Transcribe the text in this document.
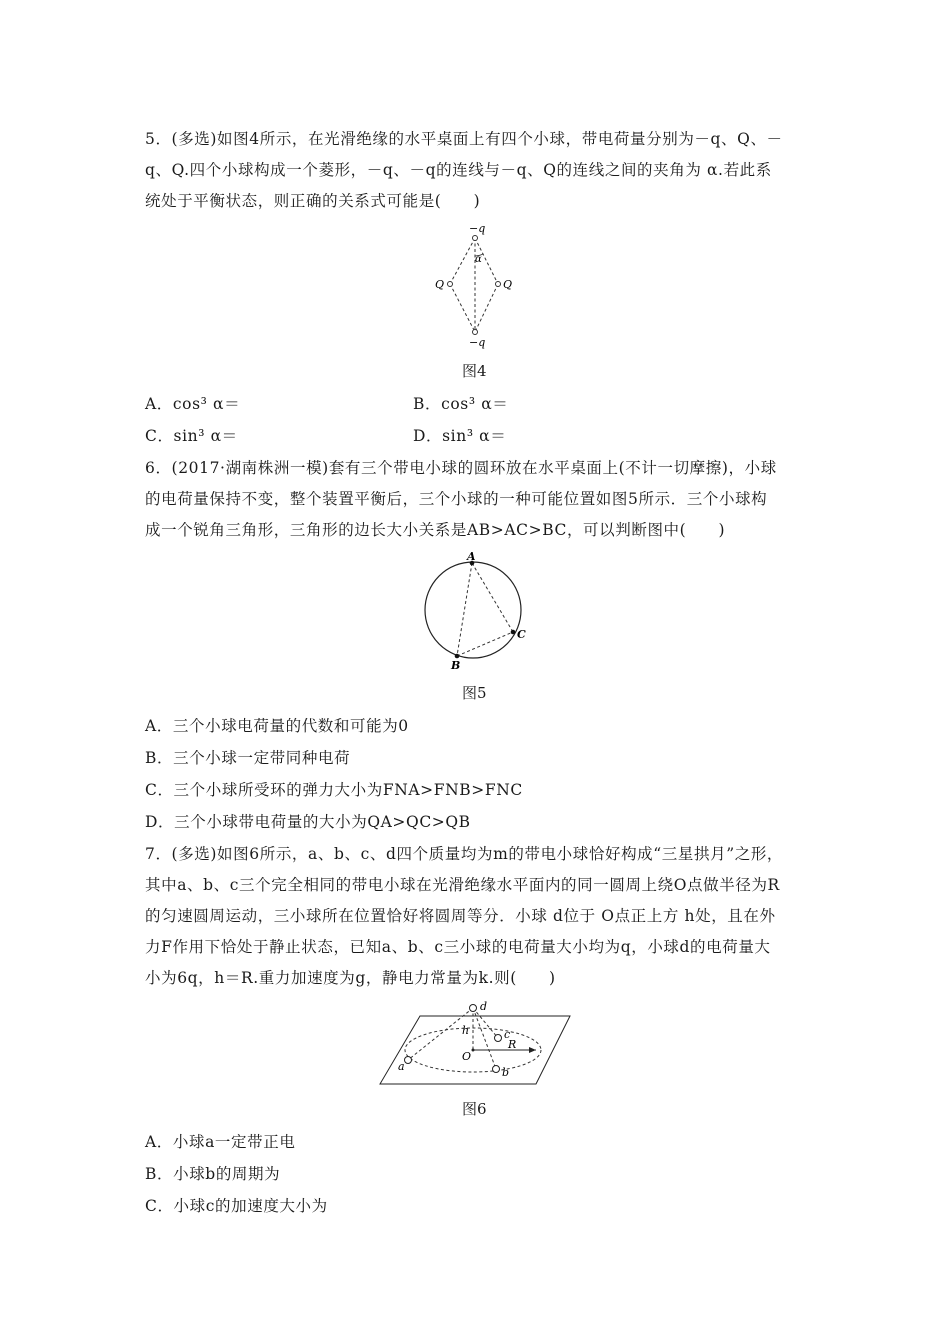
5．(多选)如图4所示，在光滑绝缘的水平桌面上有四个小球，带电荷量分别为－q、Q、－
q、Q.四个小球构成一个菱形，－q、－q的连线与－q、Q的连线之间的夹角为 α.若此系
统处于平衡状态，则正确的关系式可能是(　　)
−q
Q	Q
−q
α
图4
A．cos³ α＝	B．cos³ α＝
C．sin³ α＝	D．sin³ α＝
6．(2017·湖南株洲一模)套有三个带电小球的圆环放在水平桌面上(不计一切摩擦)，小球
的电荷量保持不变，整个装置平衡后，三个小球的一种可能位置如图5所示．三个小球构
成一个锐角三角形，三角形的边长大小关系是AB>AC>BC，可以判断图中(　　)
A
B
C
图5
A．三个小球电荷量的代数和可能为0
B．三个小球一定带同种电荷
C．三个小球所受环的弹力大小为FNA>FNB>FNC
D．三个小球带电荷量的大小为QA>QC>QB
7．(多选)如图6所示，a、b、c、d四个质量均为m的带电小球恰好构成“三星拱月”之形，
其中a、b、c三个完全相同的带电小球在光滑绝缘水平面内的同一圆周上绕O点做半径为R
的匀速圆周运动，三小球所在位置恰好将圆周等分．小球 d位于 O点正上方 h处，且在外
力F作用下恰处于静止状态，已知a、b、c三小球的电荷量大小均为q，小球d的电荷量大
小为6q，h＝R.重力加速度为g，静电力常量为k.则(　　)
d
a	b
c
O
h
R
图6
A．小球a一定带正电
B．小球b的周期为
C．小球c的加速度大小为
